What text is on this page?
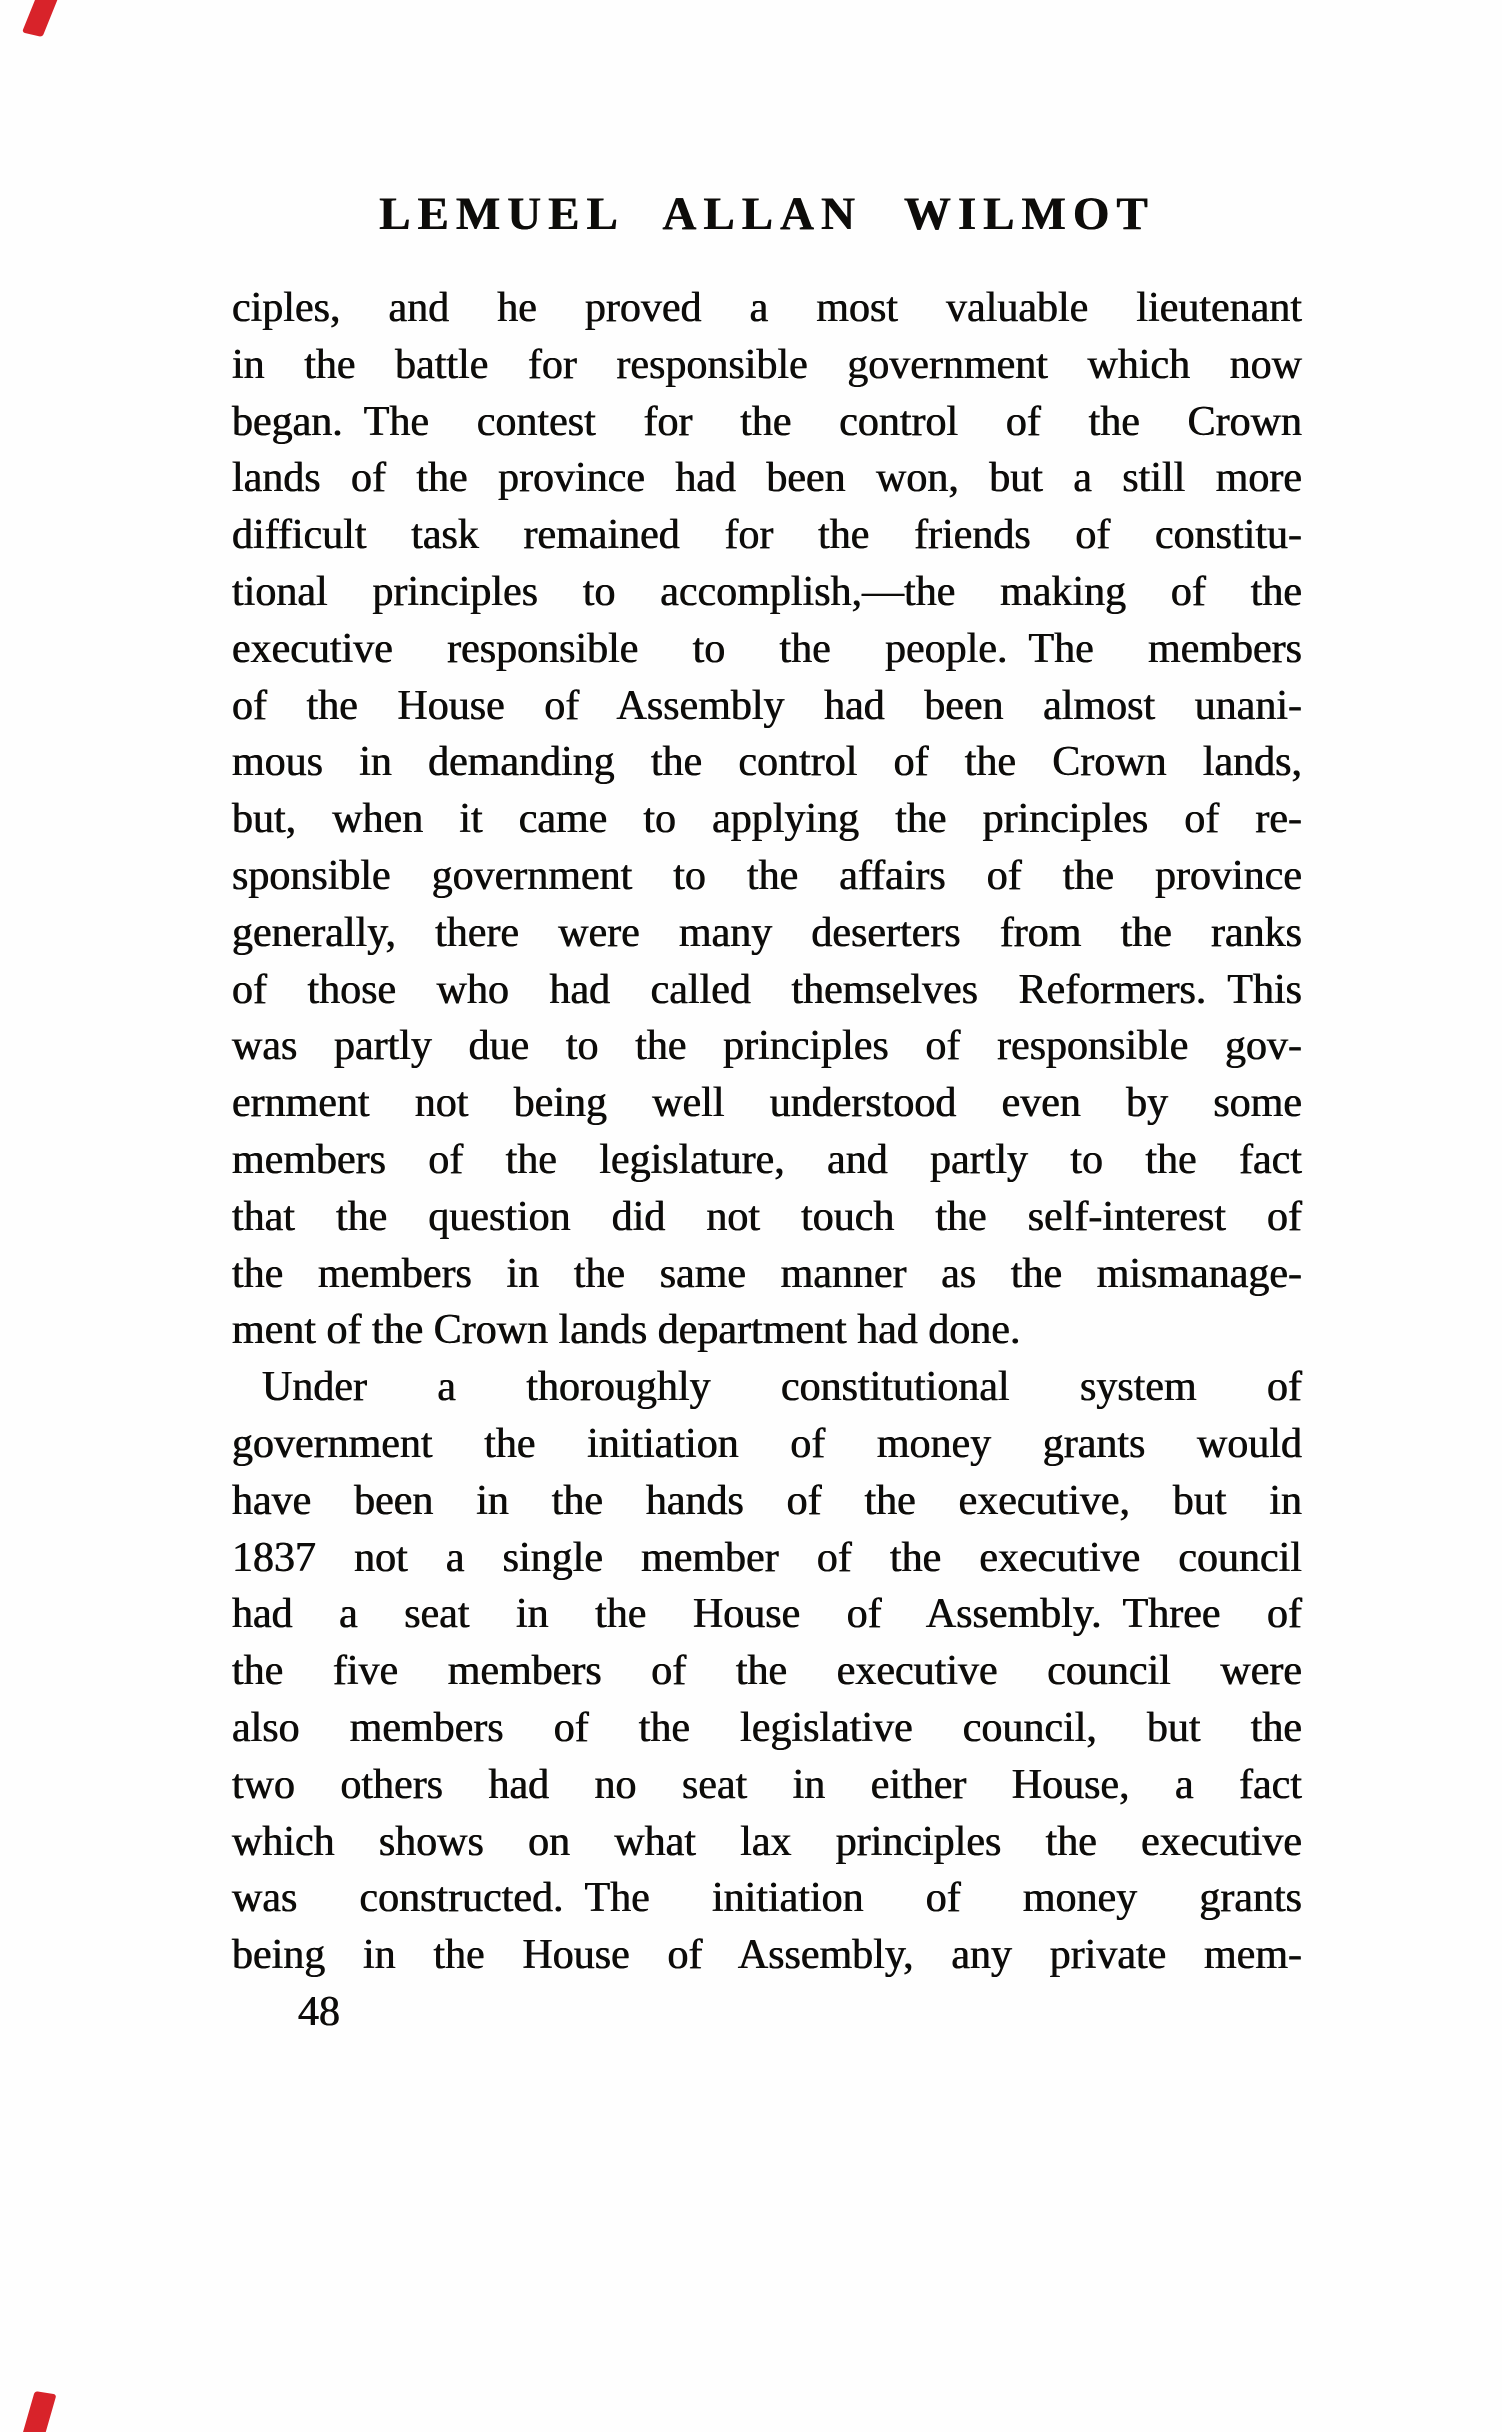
LEMUEL ALLAN WILMOT
ciples, and he proved a most valuable lieutenant
in the battle for responsible government which now
began. The contest for the control of the Crown
lands of the province had been won, but a still more
difficult task remained for the friends of constitu-
tional principles to accomplish,—the making of the
executive responsible to the people. The members
of the House of Assembly had been almost unani-
mous in demanding the control of the Crown lands,
but, when it came to applying the principles of re-
sponsible government to the affairs of the province
generally, there were many deserters from the ranks
of those who had called themselves Reformers. This
was partly due to the principles of responsible gov-
ernment not being well understood even by some
members of the legislature, and partly to the fact
that the question did not touch the self-interest of
the members in the same manner as the mismanage-
ment of the Crown lands department had done.
Under a thoroughly constitutional system of
government the initiation of money grants would
have been in the hands of the executive, but in
1837 not a single member of the executive council
had a seat in the House of Assembly. Three of
the five members of the executive council were
also members of the legislative council, but the
two others had no seat in either House, a fact
which shows on what lax principles the executive
was constructed. The initiation of money grants
being in the House of Assembly, any private mem-
48
